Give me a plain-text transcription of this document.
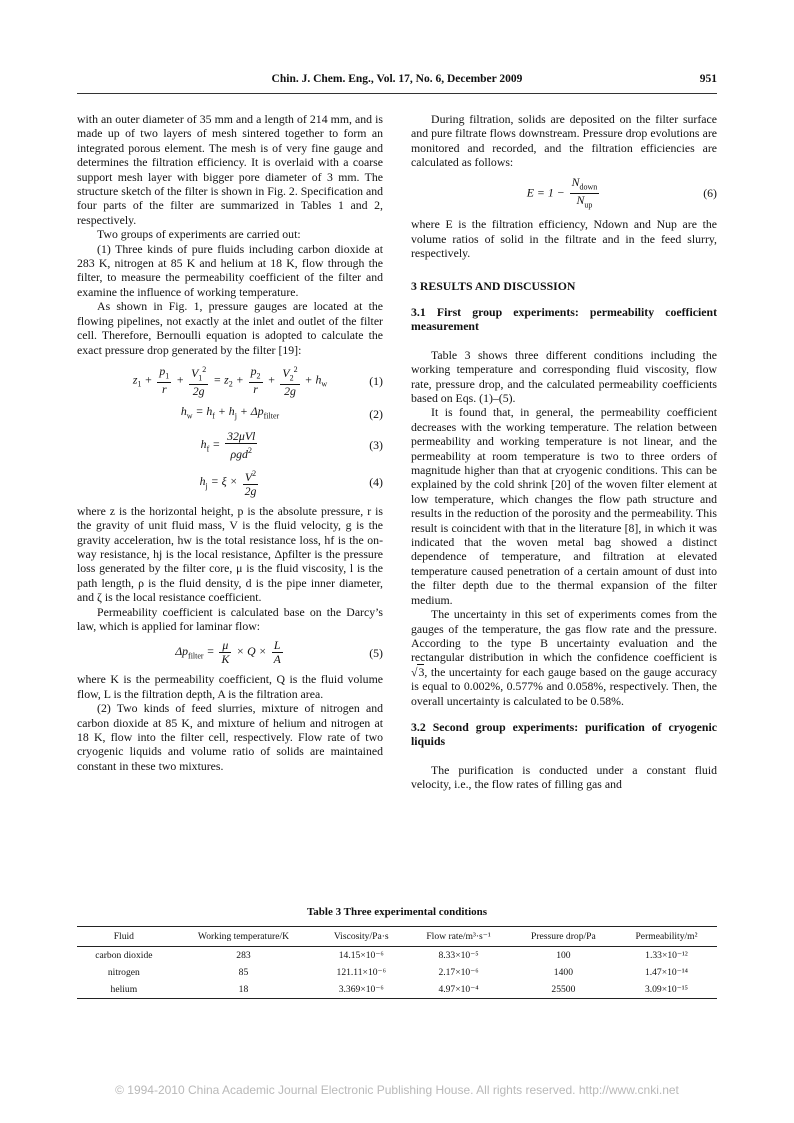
Chin. J. Chem. Eng., Vol. 17, No. 6, December 2009	951

with an outer diameter of 35 mm and a length of 214 mm, and is made up of two layers of mesh sintered together to form an integrated porous element. The mesh is of very fine gauge and determines the filtration efficiency. It is overlaid with a coarse support mesh layer with bigger pore diameter of 3 mm. The structure sketch of the filter is shown in Fig. 2. Specification and four parts of the filter are summarized in Tables 1 and 2, respectively.

Two groups of experiments are carried out:

(1) Three kinds of pure fluids including carbon dioxide at 283 K, nitrogen at 85 K and helium at 18 K, flow through the filter, to measure the permeability coefficient of the filter and examine the influence of working temperature.

As shown in Fig. 1, pressure gauges are located at the flowing pipelines, not exactly at the inlet and outlet of the filter cell. Therefore, Bernoulli equation is adopted to calculate the exact pressure drop generated by the filter [19]:

$z_1 + \frac{p_1}{r} + \frac{V_1^2}{2g} = z_2 + \frac{p_2}{r} + \frac{V_2^2}{2g} + h_w$	(1)
$h_w = h_f + h_j + \Delta p_{filter}$	(2)
$h_f = \frac{\text{32μVl}}{\rho gd^2}$	(3)
$h_j = \xi \times \frac{V^2}{2g}$	(4)

where z is the horizontal height, p is the absolute pressure, r is the gravity of unit fluid mass, V is the fluid velocity, g is the gravity acceleration, hw is the total resistance loss, hf is the on-way resistance, hj is the local resistance, Δpfilter is the pressure loss generated by the filter core, μ is the fluid viscosity, l is the path length, ρ is the fluid density, d is the pipe inner diameter, and ζ is the local resistance coefficient.

Permeability coefficient is calculated base on the Darcy’s law, which is applied for laminar flow:

$\Delta p_{filter} = \frac{\mu}{K} \times Q \times \frac{L}{A}$	(5)

where K is the permeability coefficient, Q is the fluid volume flow, L is the filtration depth, A is the filtration area.

(2) Two kinds of feed slurries, mixture of nitrogen and carbon dioxide at 85 K, and mixture of helium and nitrogen at 18 K, flow into the filter cell, respectively. Flow rate of two cryogenic liquids and volume ratio of solids are maintained constant in these two mixtures.

During filtration, solids are deposited on the filter surface and pure filtrate flows downstream. Pressure drop evolutions are monitored and recorded, and the filtration efficiencies are calculated as follows:

$E = 1 - \frac{N_{down}}{N_{up}}$	(6)

where E is the filtration efficiency, Ndown and Nup are the volume ratios of solid in the filtrate and in the feed slurry, respectively.

3 RESULTS AND DISCUSSION
3.1 First group experiments: permeability coefficient measurement

Table 3 shows three different conditions including the working temperature and corresponding fluid viscosity, flow rate, pressure drop, and the calculated permeability coefficients based on Eqs. (1)–(5).

It is found that, in general, the permeability coefficient decreases with the working temperature. The relation between permeability and working temperature is not linear, and the permeability at room temperature is two to three orders of magnitude higher than that at cryogenic conditions. This can be explained by the cold shrink [20] of the woven filter element at low temperature, which changes the flow path structure and results in the reduction of the porosity and the permeability. This result is coincident with that in the literature [8], in which it was indicated that the woven metal bag showed a distinct dependence of temperature, and filtration at elevated temperature caused penetration of a certain amount of dust into the filter depth due to the thermal expansion of the filter medium.

The uncertainty in this set of experiments comes from the gauges of the temperature, the gas flow rate and the pressure. According to the type B uncertainty evaluation and the rectangular distribution in which the confidence coefficient is √3, the uncertainty for each gauge based on the gauge accuracy is equal to 0.002%, 0.577% and 0.058%, respectively. Then, the overall uncertainty is calculated to be 0.58%.

3.2 Second group experiments: purification of cryogenic liquids

The purification is conducted under a constant fluid velocity, i.e., the flow rates of filling gas and

Table 3 Three experimental conditions
Fluid	Working temperature/K	Viscosity/Pa·s	Flow rate/m³·s⁻¹	Pressure drop/Pa	Permeability/m²
carbon dioxide	283	14.15×10⁻⁶	8.33×10⁻⁵	100	1.33×10⁻¹²
nitrogen	85	121.11×10⁻⁶	2.17×10⁻⁶	1400	1.47×10⁻¹⁴
helium	18	3.369×10⁻⁶	4.97×10⁻⁴	25500	3.09×10⁻¹⁵
© 1994-2010 China Academic Journal Electronic Publishing House. All rights reserved. http://www.cnki.net
